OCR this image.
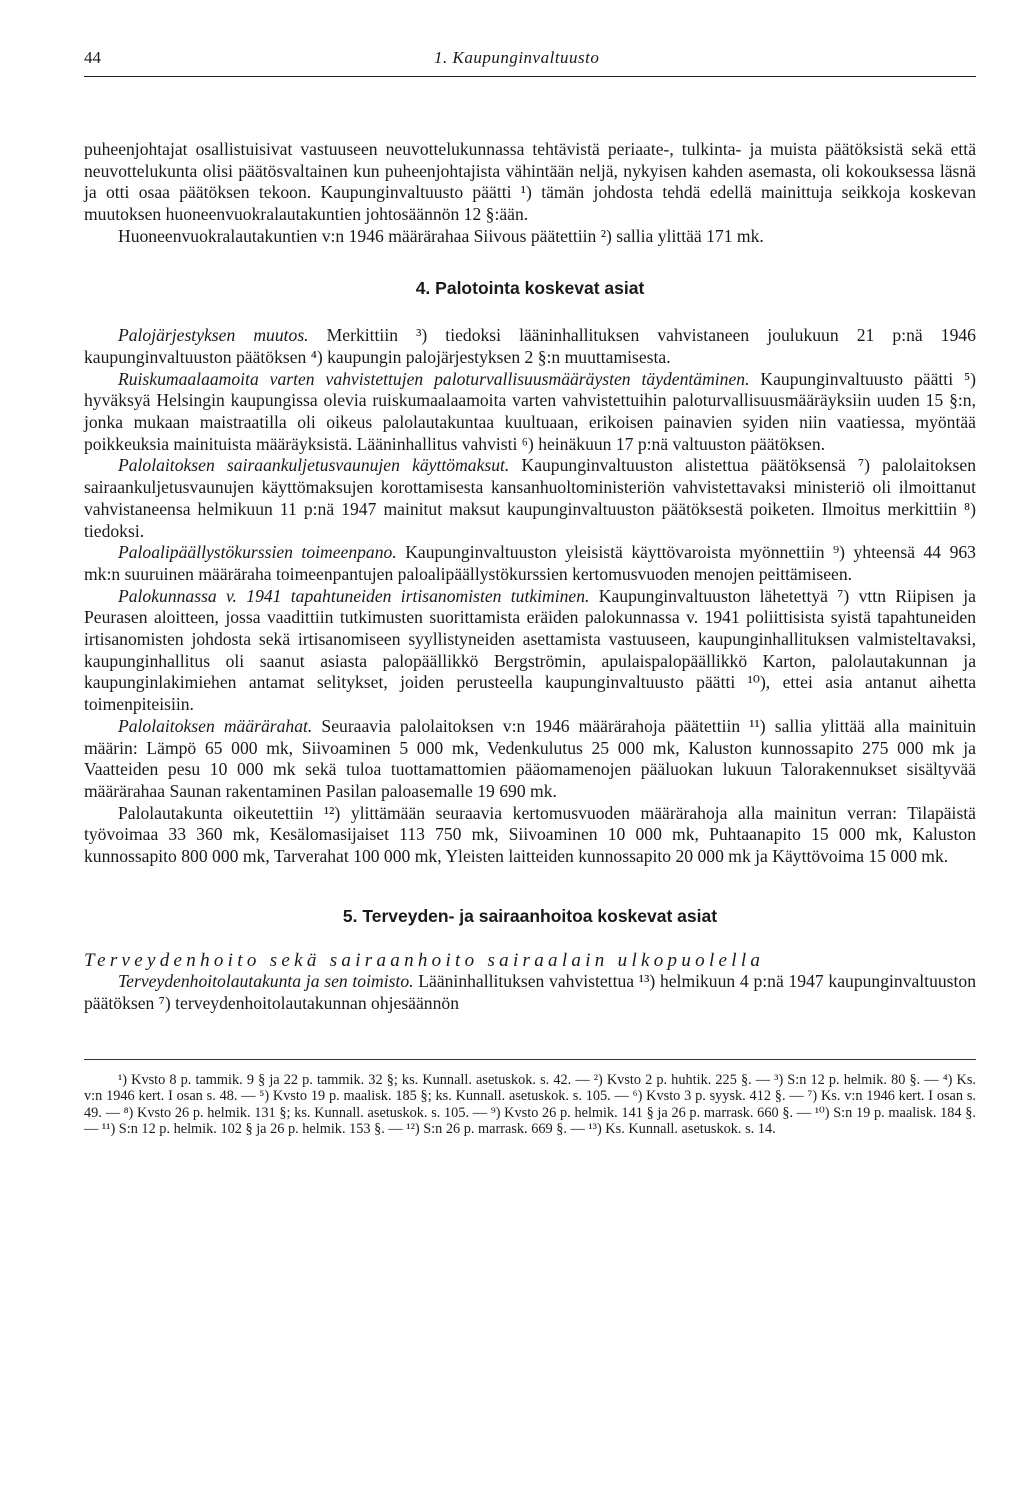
44	1. Kaupunginvaltuusto

puheenjohtajat osallistuisivat vastuuseen neuvottelukunnassa tehtävistä periaate-, tulkinta- ja muista päätöksistä sekä että neuvottelukunta olisi päätösvaltainen kun puheenjohtajista vähintään neljä, nykyisen kahden asemasta, oli kokouksessa läsnä ja otti osaa päätöksen tekoon. Kaupunginvaltuusto päätti ¹) tämän johdosta tehdä edellä mainittuja seikkoja koskevan muutoksen huoneenvuokralautakuntien johtosäännön 12 §:ään.

Huoneenvuokralautakuntien v:n 1946 määrärahaa Siivous päätettiin ²) sallia ylittää 171 mk.

4. Palotointa koskevat asiat

Palojärjestyksen muutos. Merkittiin ³) tiedoksi lääninhallituksen vahvistaneen joulukuun 21 p:nä 1946 kaupunginvaltuuston päätöksen ⁴) kaupungin palojärjestyksen 2 §:n muuttamisesta.

Ruiskumaalaamoita varten vahvistettujen paloturvallisuusmääräysten täydentäminen. Kaupunginvaltuusto päätti ⁵) hyväksyä Helsingin kaupungissa olevia ruiskumaalaamoita varten vahvistettuihin paloturvallisuusmääräyksiin uuden 15 §:n, jonka mukaan maistraatilla oli oikeus palolautakuntaa kuultuaan, erikoisen painavien syiden niin vaatiessa, myöntää poikkeuksia mainituista määräyksistä. Lääninhallitus vahvisti ⁶) heinäkuun 17 p:nä valtuuston päätöksen.

Palolaitoksen sairaankuljetusvaunujen käyttömaksut. Kaupunginvaltuuston alistettua päätöksensä ⁷) palolaitoksen sairaankuljetusvaunujen käyttömaksujen korottamisesta kansanhuoltoministeriön vahvistettavaksi ministeriö oli ilmoittanut vahvistaneensa helmikuun 11 p:nä 1947 mainitut maksut kaupunginvaltuuston päätöksestä poiketen. Ilmoitus merkittiin ⁸) tiedoksi.

Paloalipäällystökurssien toimeenpano. Kaupunginvaltuuston yleisistä käyttövaroista myönnettiin ⁹) yhteensä 44 963 mk:n suuruinen määräraha toimeenpantujen paloalipäällystökurssien kertomusvuoden menojen peittämiseen.

Palokunnassa v. 1941 tapahtuneiden irtisanomisten tutkiminen. Kaupunginvaltuuston lähetettyä ⁷) vttn Riipisen ja Peurasen aloitteen, jossa vaadittiin tutkimusten suorittamista eräiden palokunnassa v. 1941 poliittisista syistä tapahtuneiden irtisanomisten johdosta sekä irtisanomiseen syyllistyneiden asettamista vastuuseen, kaupunginhallituksen valmisteltavaksi, kaupunginhallitus oli saanut asiasta palopäällikkö Bergströmin, apulaispalopäällikkö Karton, palolautakunnan ja kaupunginlakimiehen antamat selitykset, joiden perusteella kaupunginvaltuusto päätti ¹⁰), ettei asia antanut aihetta toimenpiteisiin.

Palolaitoksen määrärahat. Seuraavia palolaitoksen v:n 1946 määrärahoja päätettiin ¹¹) sallia ylittää alla mainituin määrin: Lämpö 65 000 mk, Siivoaminen 5 000 mk, Vedenkulutus 25 000 mk, Kaluston kunnossapito 275 000 mk ja Vaatteiden pesu 10 000 mk sekä tuloa tuottamattomien pääomamenojen pääluokan lukuun Talorakennukset sisältyvää määrärahaa Saunan rakentaminen Pasilan paloasemalle 19 690 mk.

Palolautakunta oikeutettiin ¹²) ylittämään seuraavia kertomusvuoden määrärahoja alla mainitun verran: Tilapäistä työvoimaa 33 360 mk, Kesälomasijaiset 113 750 mk, Siivoaminen 10 000 mk, Puhtaanapito 15 000 mk, Kaluston kunnossapito 800 000 mk, Tarverahat 100 000 mk, Yleisten laitteiden kunnossapito 20 000 mk ja Käyttövoima 15 000 mk.

5. Terveyden- ja sairaanhoitoa koskevat asiat

Terveydenhoito sekä sairaanhoito sairaalain ulkopuolella

Terveydenhoitolautakunta ja sen toimisto. Lääninhallituksen vahvistettua ¹³) helmikuun 4 p:nä 1947 kaupunginvaltuuston päätöksen ⁷) terveydenhoitolautakunnan ohjesäännön

¹) Kvsto 8 p. tammik. 9 § ja 22 p. tammik. 32 §; ks. Kunnall. asetuskok. s. 42. — ²) Kvsto 2 p. huhtik. 225 §. — ³) S:n 12 p. helmik. 80 §. — ⁴) Ks. v:n 1946 kert. I osan s. 48. — ⁵) Kvsto 19 p. maalisk. 185 §; ks. Kunnall. asetuskok. s. 105. — ⁶) Kvsto 3 p. syysk. 412 §. — ⁷) Ks. v:n 1946 kert. I osan s. 49. — ⁸) Kvsto 26 p. helmik. 131 §; ks. Kunnall. asetuskok. s. 105. — ⁹) Kvsto 26 p. helmik. 141 § ja 26 p. marrask. 660 §. — ¹⁰) S:n 19 p. maalisk. 184 §. — ¹¹) S:n 12 p. helmik. 102 § ja 26 p. helmik. 153 §. — ¹²) S:n 26 p. marrask. 669 §. — ¹³) Ks. Kunnall. asetuskok. s. 14.
